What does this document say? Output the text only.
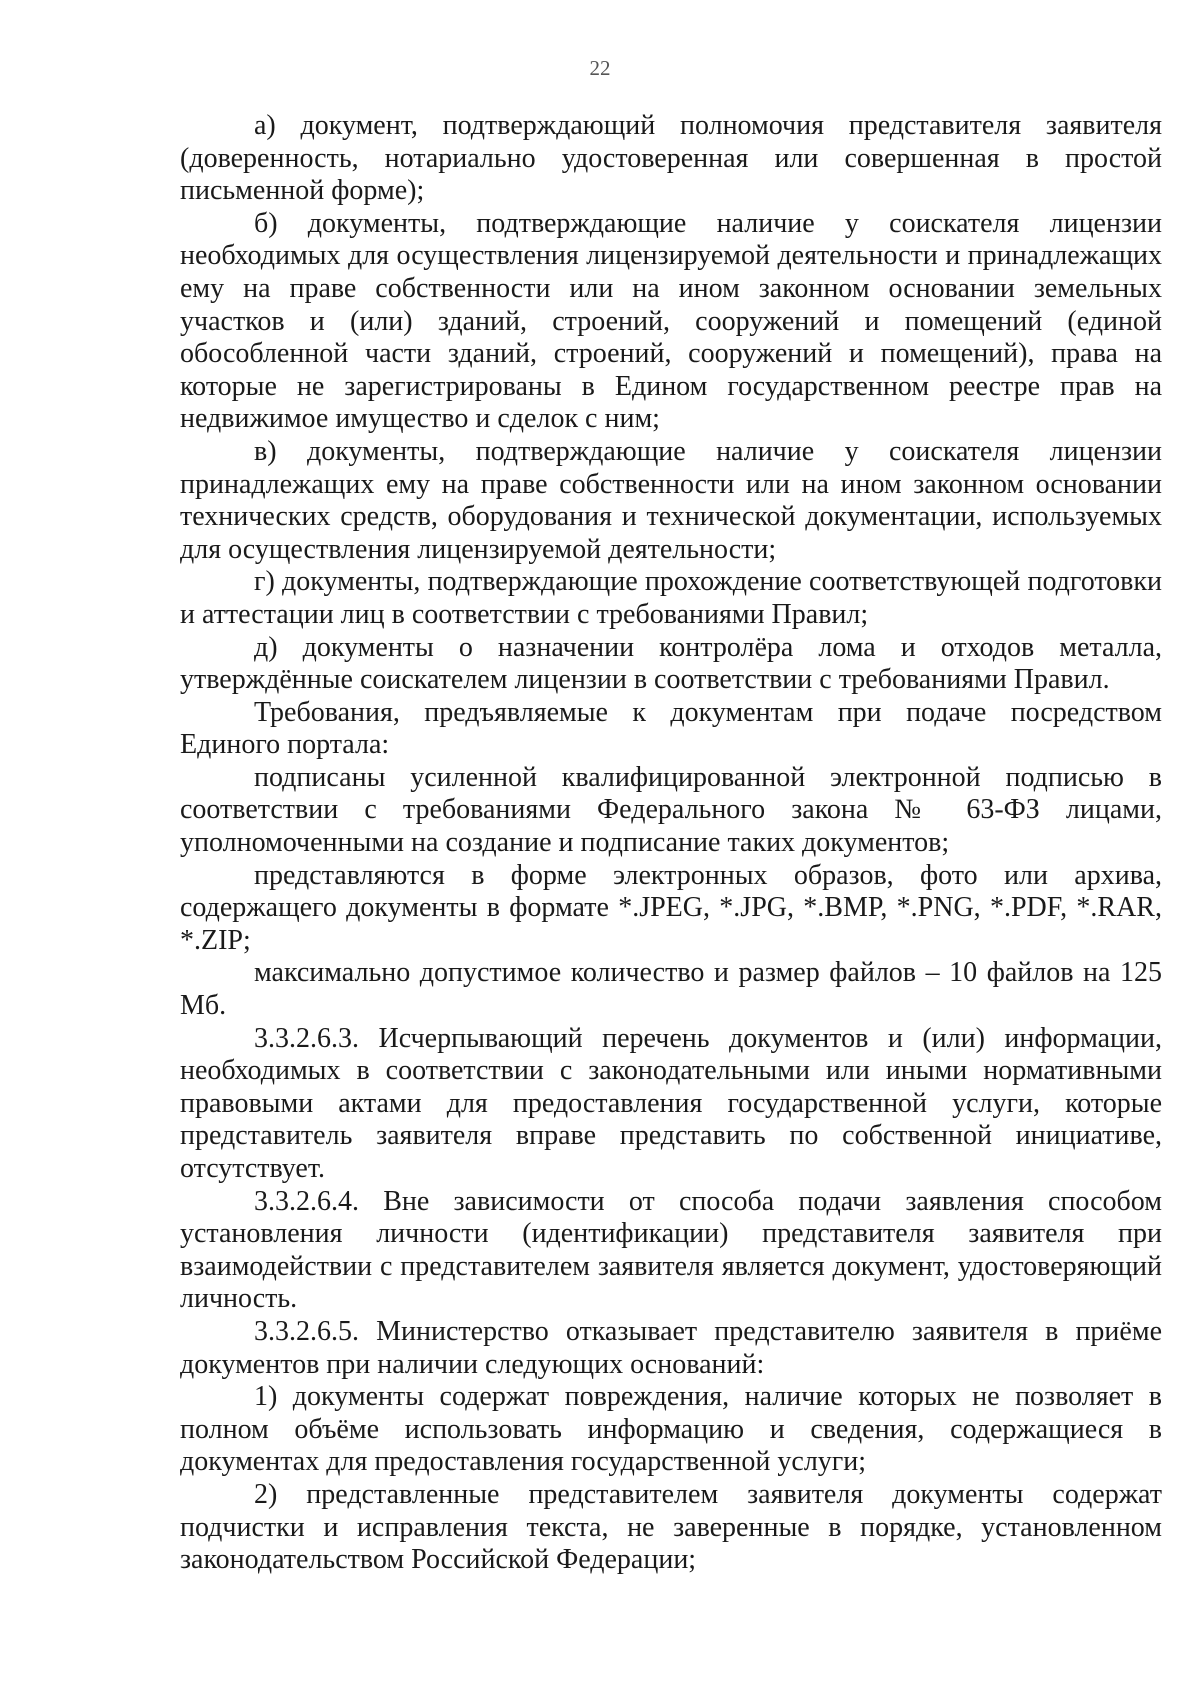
22

а) документ, подтверждающий полномочия представителя заявителя (доверенность, нотариально удостоверенная или совершенная в простой письменной форме);

б) документы, подтверждающие наличие у соискателя лицензии необходимых для осуществления лицензируемой деятельности и принадлежащих ему на праве собственности или на ином законном основании земельных участков и (или) зданий, строений, сооружений и помещений (единой обособленной части зданий, строений, сооружений и помещений), права на которые не зарегистрированы в Едином государственном реестре прав на недвижимое имущество и сделок с ним;

в) документы, подтверждающие наличие у соискателя лицензии принадлежащих ему на праве собственности или на ином законном основании технических средств, оборудования и технической документации, используемых для осуществления лицензируемой деятельности;

г) документы, подтверждающие прохождение соответствующей подготовки и аттестации лиц в соответствии с требованиями Правил;

д) документы о назначении контролёра лома и отходов металла, утверждённые соискателем лицензии в соответствии с требованиями Правил.

Требования, предъявляемые к документам при подаче посредством Единого портала:

подписаны усиленной квалифицированной электронной подписью в соответствии с требованиями Федерального закона № 63-ФЗ лицами, уполномоченными на создание и подписание таких документов;

представляются в форме электронных образов, фото или архива, содержащего документы в формате *.JPEG, *.JPG, *.BMP, *.PNG, *.PDF, *.RAR, *.ZIP;

максимально допустимое количество и размер файлов – 10 файлов на 125 Мб.

3.3.2.6.3. Исчерпывающий перечень документов и (или) информации, необходимых в соответствии с законодательными или иными нормативными правовыми актами для предоставления государственной услуги, которые представитель заявителя вправе представить по собственной инициативе, отсутствует.

3.3.2.6.4. Вне зависимости от способа подачи заявления способом установления личности (идентификации) представителя заявителя при взаимодействии с представителем заявителя является документ, удостоверяющий личность.

3.3.2.6.5. Министерство отказывает представителю заявителя в приёме документов при наличии следующих оснований:

1) документы содержат повреждения, наличие которых не позволяет в полном объёме использовать информацию и сведения, содержащиеся в документах для предоставления государственной услуги;

2) представленные представителем заявителя документы содержат подчистки и исправления текста, не заверенные в порядке, установленном законодательством Российской Федерации;
